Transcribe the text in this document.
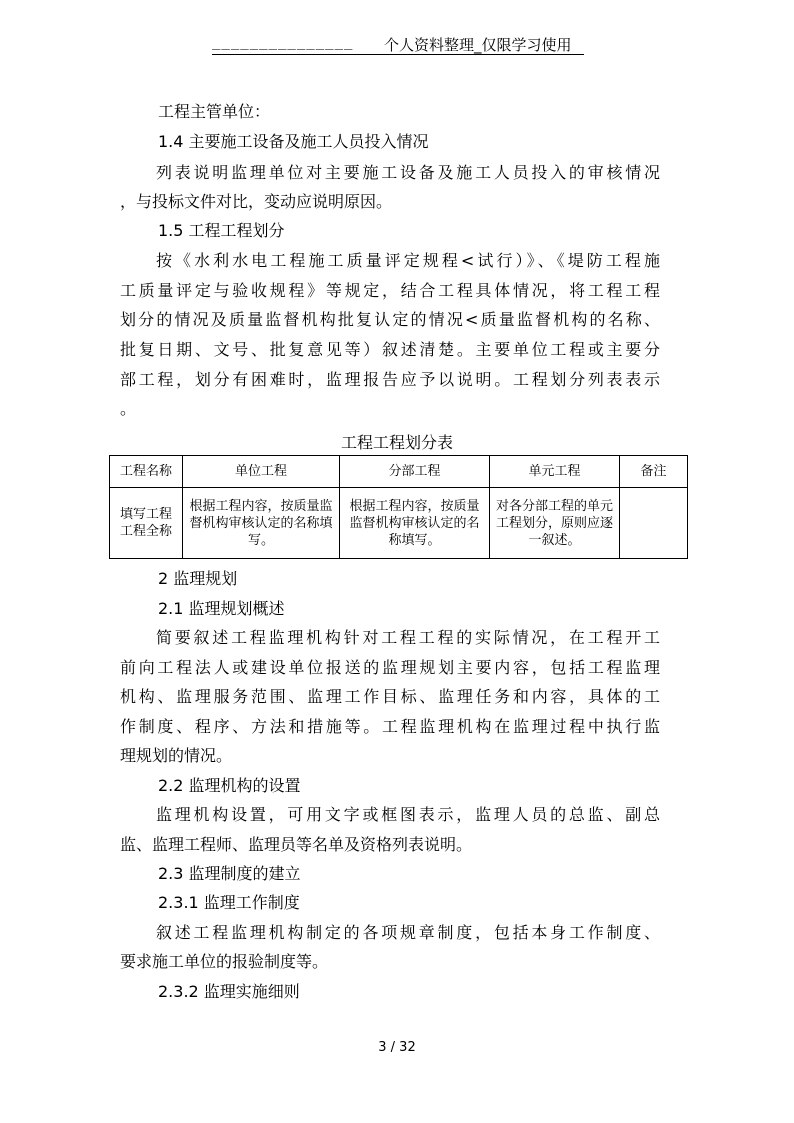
_______________ 个人资料整理_仅限学习使用
工程主管单位：
1.4 主要施工设备及施工人员投入情况
列表说明监理单位对主要施工设备及施工人员投入的审核情况
，与投标文件对比，变动应说明原因。
1.5 工程工程划分
按《水利水电工程施工质量评定规程<试行）》、《堤防工程施
工质量评定与验收规程》等规定，结合工程具体情况，将工程工程
划分的情况及质量监督机构批复认定的情况<质量监督机构的名称、
批复日期、文号、批复意见等）叙述清楚。主要单位工程或主要分
部工程，划分有困难时，监理报告应予以说明。工程划分列表表示
。
工程工程划分表
工程名称	单位工程	分部工程	单元工程	备注
填写工程工程全称	根据工程内容，按质量监督机构审核认定的名称填写。	根据工程内容，按质量监督机构审核认定的名称填写。	对各分部工程的单元工程划分，原则应逐一叙述。	
2 监理规划
2.1 监理规划概述
简要叙述工程监理机构针对工程工程的实际情况，在工程开工
前向工程法人或建设单位报送的监理规划主要内容，包括工程监理
机构、监理服务范围、监理工作目标、监理任务和内容，具体的工
作制度、程序、方法和措施等。工程监理机构在监理过程中执行监
理规划的情况。
2.2 监理机构的设置
监理机构设置，可用文字或框图表示，监理人员的总监、副总
监、监理工程师、监理员等名单及资格列表说明。
2.3 监理制度的建立
2.3.1 监理工作制度
叙述工程监理机构制定的各项规章制度，包括本身工作制度、
要求施工单位的报验制度等。
2.3.2 监理实施细则
3 / 32
